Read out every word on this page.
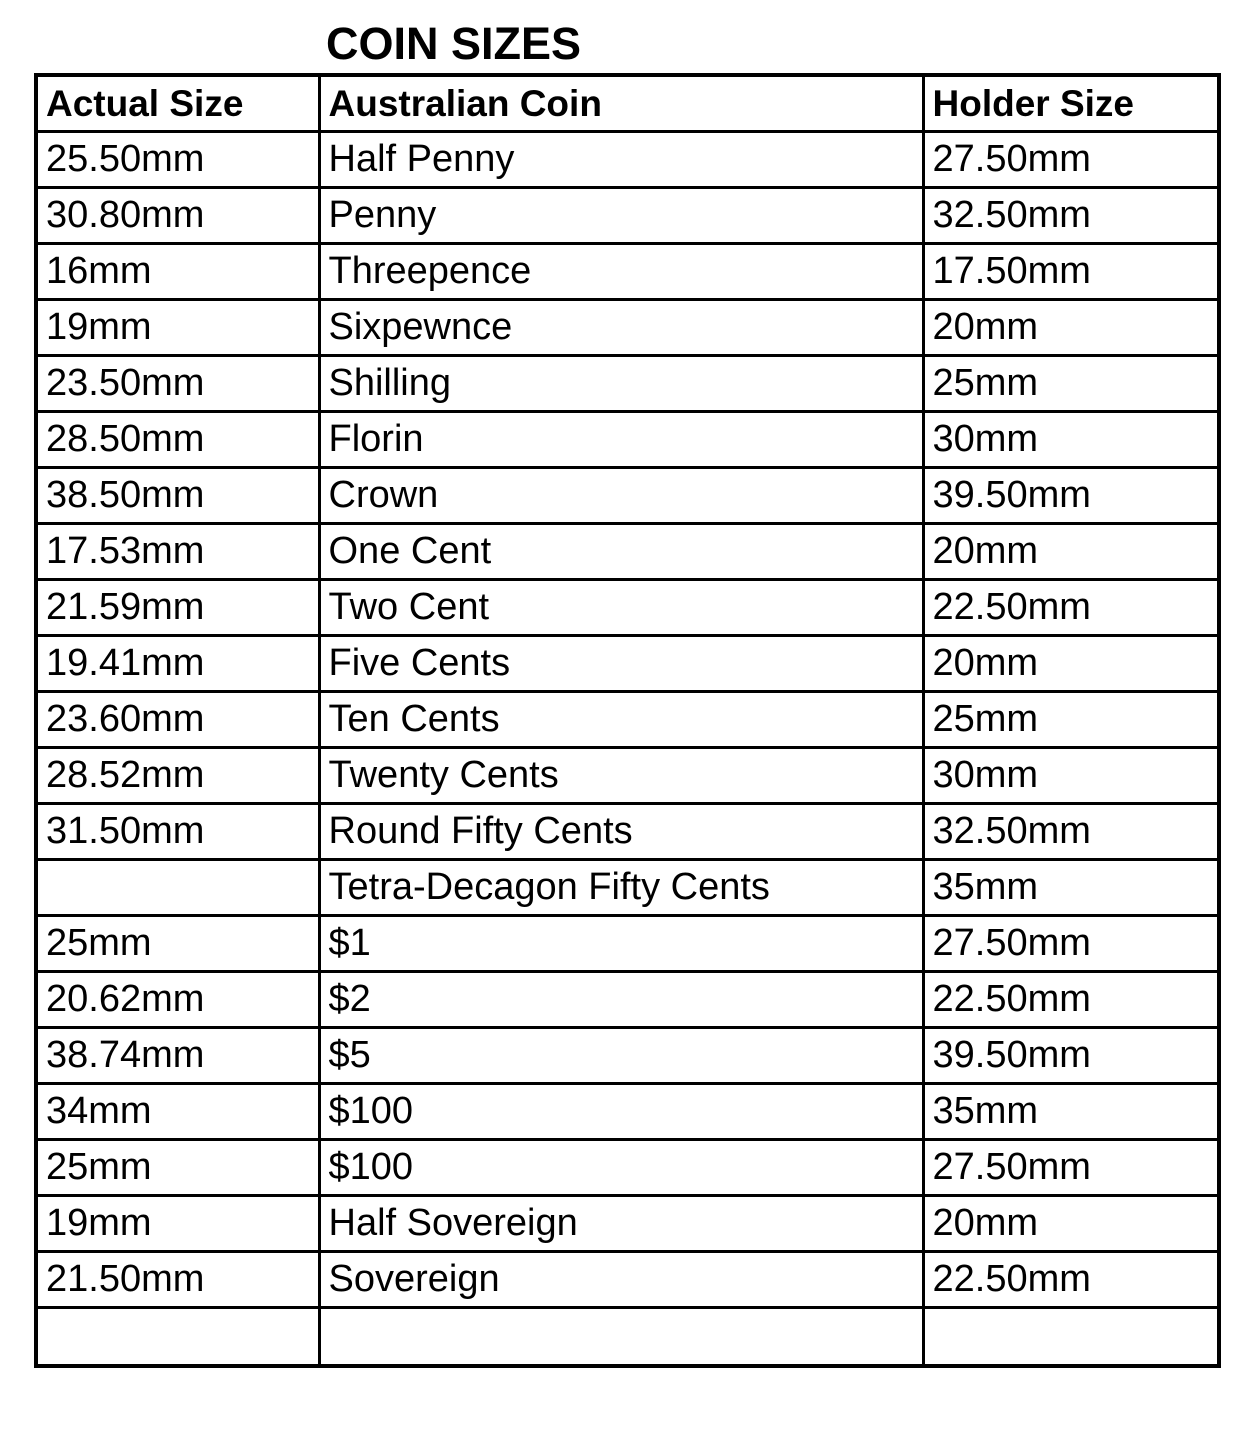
COIN SIZES
Actual Size	Australian Coin	Holder Size
25.50mm	Half Penny	27.50mm
30.80mm	Penny	32.50mm
16mm	Threepence	17.50mm
19mm	Sixpewnce	20mm
23.50mm	Shilling	25mm
28.50mm	Florin	30mm
38.50mm	Crown	39.50mm
17.53mm	One Cent	20mm
21.59mm	Two Cent	22.50mm
19.41mm	Five Cents	20mm
23.60mm	Ten Cents	25mm
28.52mm	Twenty Cents	30mm
31.50mm	Round Fifty Cents	32.50mm
	Tetra-Decagon Fifty Cents	35mm
25mm	$1	27.50mm
20.62mm	$2	22.50mm
38.74mm	$5	39.50mm
34mm	$100	35mm
25mm	$100	27.50mm
19mm	Half Sovereign	20mm
21.50mm	Sovereign	22.50mm
